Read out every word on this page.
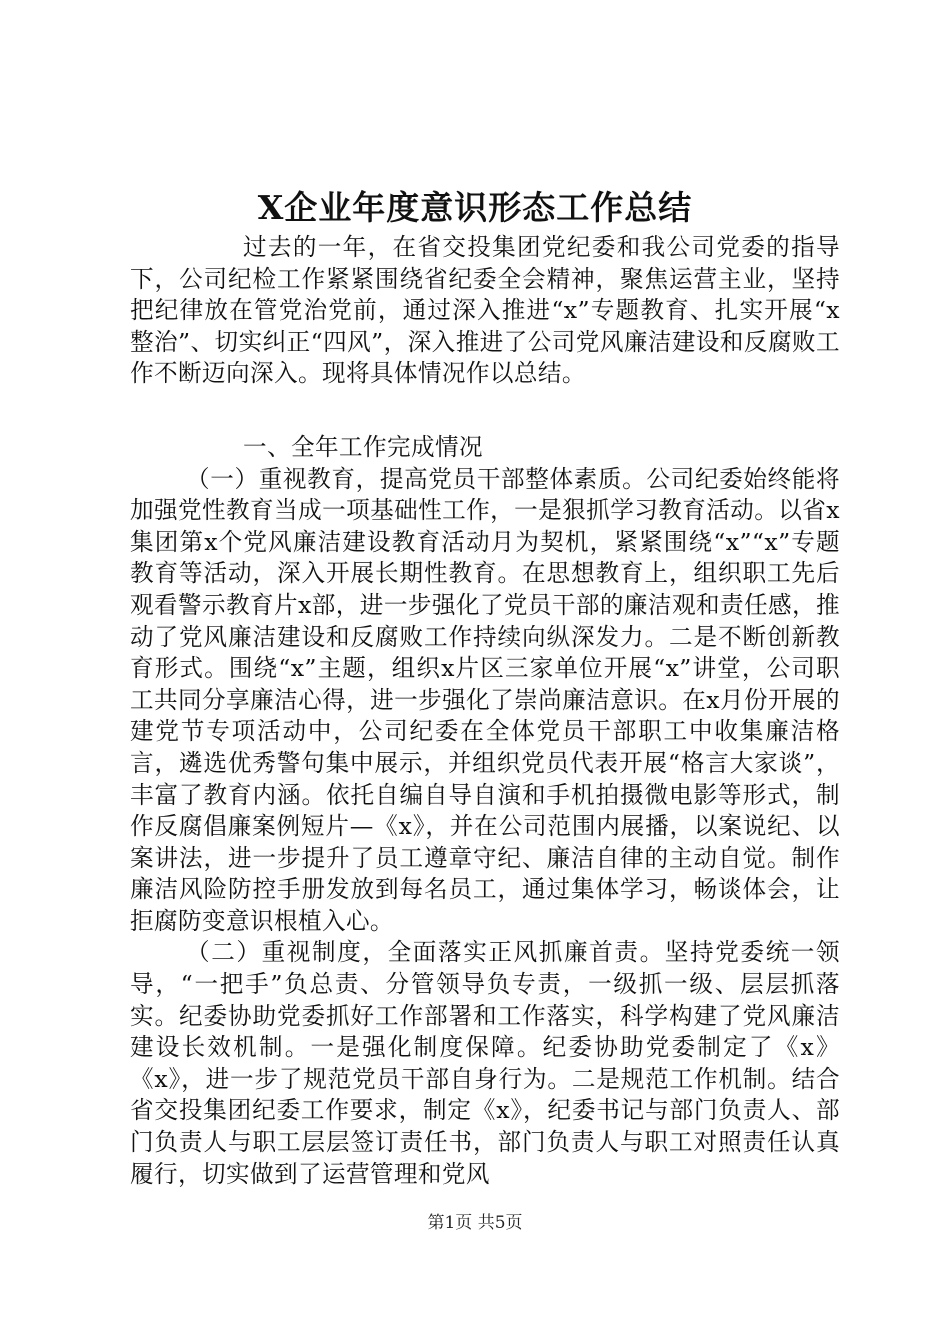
X企业年度意识形态工作总结

过去的一年，在省交投集团党纪委和我公司党委的指导下，公司纪检工作紧紧围绕省纪委全会精神，聚焦运营主业，坚持把纪律放在管党治党前，通过深入推进“x”专题教育、扎实开展“x整治”、切实纠正“四风”，深入推进了公司党风廉洁建设和反腐败工作不断迈向深入。现将具体情况作以总结。

一、全年工作完成情况

（一）重视教育，提高党员干部整体素质。公司纪委始终能将加强党性教育当成一项基础性工作，一是狠抓学习教育活动。以省x集团第x个党风廉洁建设教育活动月为契机，紧紧围绕“x”“x”专题教育等活动，深入开展长期性教育。在思想教育上，组织职工先后观看警示教育片x部，进一步强化了党员干部的廉洁观和责任感，推动了党风廉洁建设和反腐败工作持续向纵深发力。二是不断创新教育形式。围绕“x”主题，组织x片区三家单位开展“x”讲堂，公司职工共同分享廉洁心得，进一步强化了崇尚廉洁意识。在x月份开展的建党节专项活动中，公司纪委在全体党员干部职工中收集廉洁格言，遴选优秀警句集中展示，并组织党员代表开展“格言大家谈”，丰富了教育内涵。依托自编自导自演和手机拍摄微电影等形式，制作反腐倡廉案例短片—《x》，并在公司范围内展播，以案说纪、以案讲法，进一步提升了员工遵章守纪、廉洁自律的主动自觉。制作廉洁风险防控手册发放到每名员工，通过集体学习，畅谈体会，让拒腐防变意识根植入心。

（二）重视制度，全面落实正风抓廉首责。坚持党委统一领导，“一把手”负总责、分管领导负专责，一级抓一级、层层抓落实。纪委协助党委抓好工作部署和工作落实，科学构建了党风廉洁建设长效机制。一是强化制度保障。纪委协助党委制定了《x》《x》，进一步了规范党员干部自身行为。二是规范工作机制。结合省交投集团纪委工作要求，制定《x》，纪委书记与部门负责人、部门负责人与职工层层签订责任书，部门负责人与职工对照责任认真履行，切实做到了运营管理和党风

第1页 共5页
